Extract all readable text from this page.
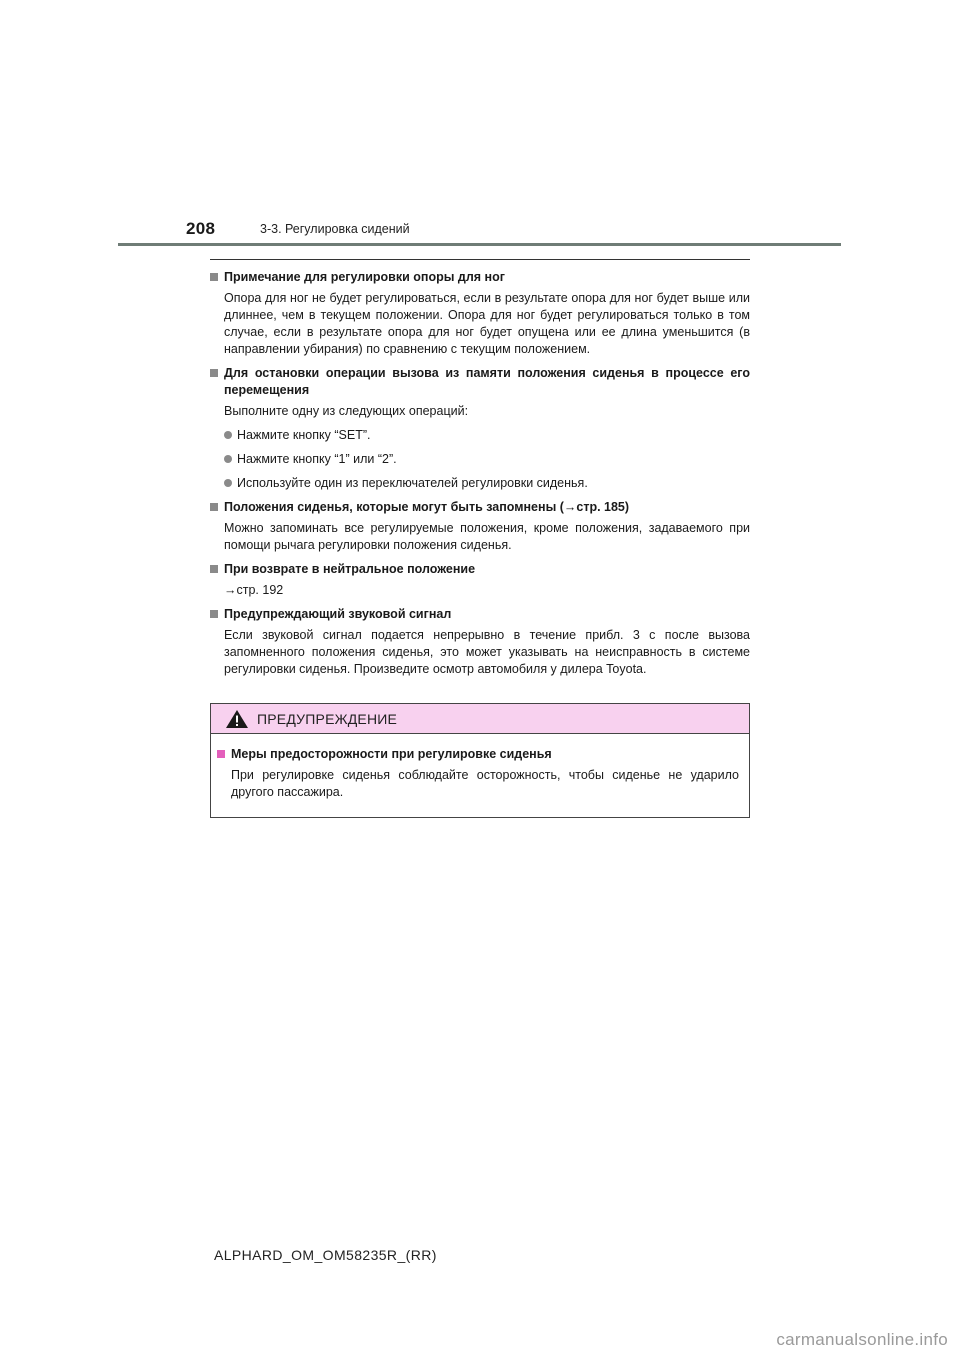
208	3-3. Регулировка сидений
Примечание для регулировки опоры для ног
Опора для ног не будет регулироваться, если в результате опора для ног будет выше или длиннее, чем в текущем положении. Опора для ног будет регулироваться только в том случае, если в результате опора для ног будет опущена или ее длина уменьшится (в направлении убирания) по сравнению с текущим положением.
Для остановки операции вызова из памяти положения сиденья в процессе его перемещения
Выполните одну из следующих операций:
Нажмите кнопку “SET”.
Нажмите кнопку “1” или “2”.
Используйте один из переключателей регулировки сиденья.
Положения сиденья, которые могут быть запомнены (→стр. 185)
Можно запоминать все регулируемые положения, кроме положения, задаваемого при помощи рычага регулировки положения сиденья.
При возврате в нейтральное положение
→стр. 192
Предупреждающий звуковой сигнал
Если звуковой сигнал подается непрерывно в течение прибл. 3 с после вызова запомненного положения сиденья, это может указывать на неисправность в системе регулировки сиденья. Произведите осмотр автомобиля у дилера Toyota.
ПРЕДУПРЕЖДЕНИЕ
Меры предосторожности при регулировке сиденья
При регулировке сиденья соблюдайте осторожность, чтобы сиденье не ударило другого пассажира.
ALPHARD_OM_OM58235R_(RR)
carmanualsonline.info
